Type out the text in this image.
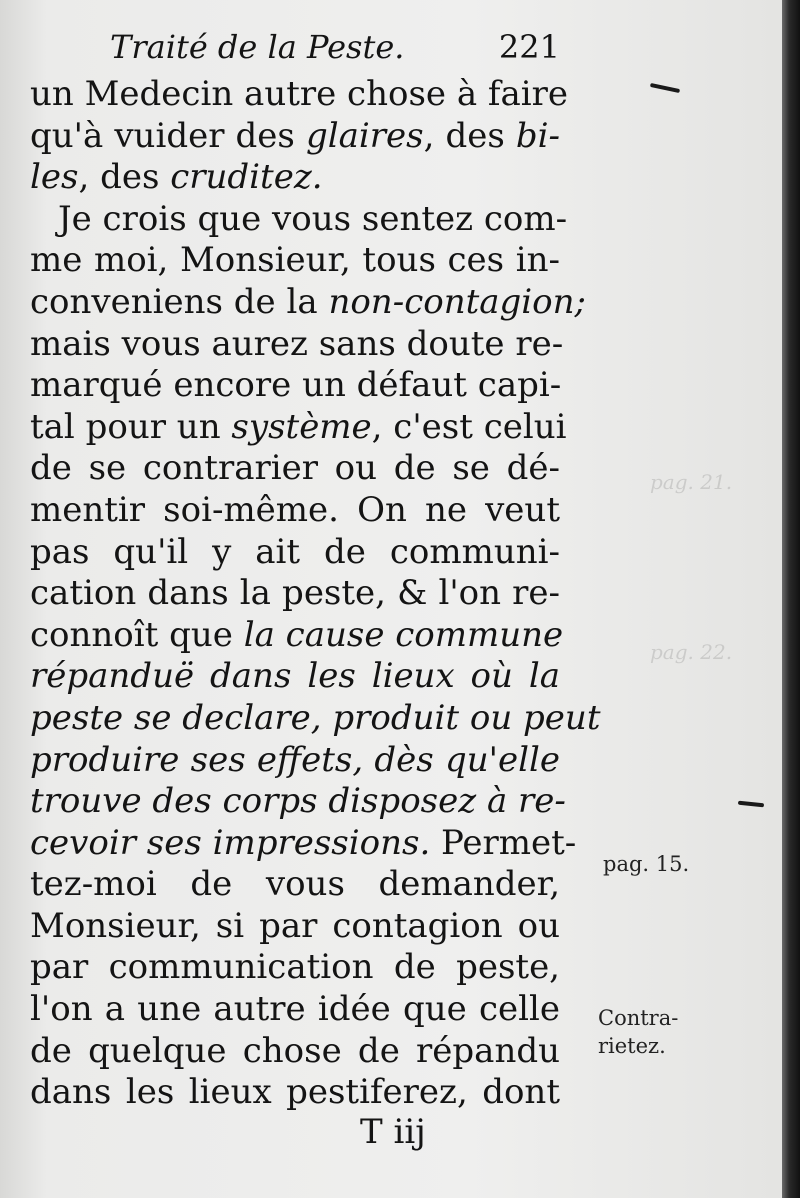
pag. 21.
pag. 22.
Traité de la Peste.	221
un Medecin autre chose à faire
qu'à vuider des glaires, des bi-
les, des cruditez.
Je crois que vous sentez com-
me moi, Monsieur, tous ces in-
conveniens de la non-contagion;
mais vous aurez sans doute re-
marqué encore un défaut capi-
tal pour un système, c'est celui
de se contrarier ou de se dé-
mentir soi-même. On ne veut
pas qu'il y ait de communi-
cation dans la peste, & l'on re-
connoît que la cause commune
répanduë dans les lieux où la
peste se declare, produit ou peut
produire ses effets, dès qu'elle
trouve des corps disposez à re-
cevoir ses impressions. Permet-
tez-moi de vous demander,
Monsieur, si par contagion ou
par communication de peste,
l'on a une autre idée que celle
de quelque chose de répandu
dans les lieux pestiferez, dont
pag. 15.
Contra-
rietez.
T iij
